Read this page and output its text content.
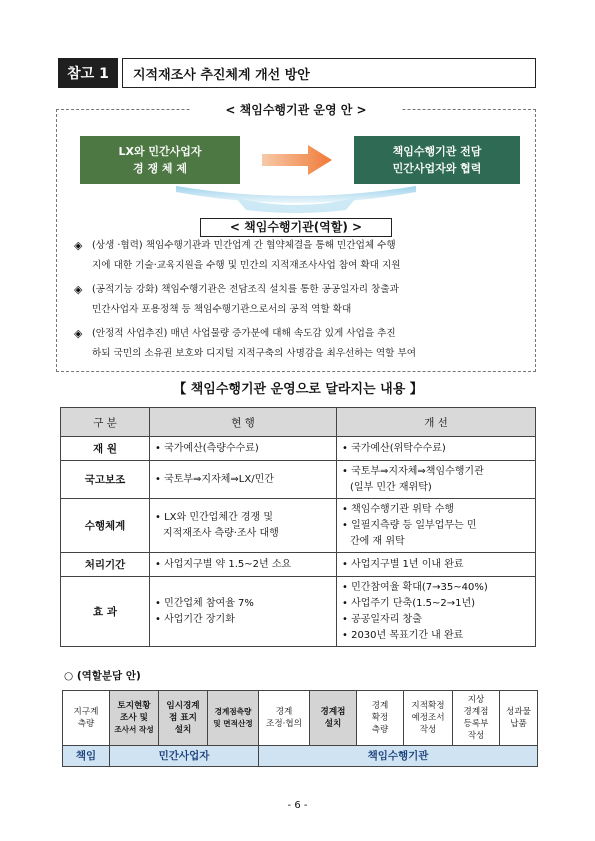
참고 1	지적재조사 추진체계 개선 방안
< 책임수행기관 운영 안 >
LX와 민간사업자
경 쟁 체 제
책임수행기관 전담
민간사업자와 협력
< 책임수행기관(역할) >
◈ (상생 ·협력) 책임수행기관과 민간업계 간 협약체결을 통해 민간업체 수행
지에 대한 기술·교육지원을 수행 및 민간의 지적재조사사업 참여 확대 지원
◈ (공적기능 강화) 책임수행기관은 전담조직 설치를 통한 공공일자리 창출과
민간사업자 포용정책 등 책임수행기관으로서의 공적 역할 확대
◈ (안정적 사업추진) 매년 사업물량 증가분에 대해 속도감 있게 사업을 추진
하되 국민의 소유권 보호와 디지털 지적구축의 사명감을 최우선하는 역할 부여
【 책임수행기관 운영으로 달라지는 내용 】
구 분	현 행	개 선
재 원	• 국가예산(측량수수료)	• 국가예산(위탁수수료)

국고보조	• 국토부⇒지자체⇒LX/민간	• 국토부⇒지자체⇒책임수행기관
(일부 민간 재위탁)

수행체계	• LX와 민간업체간 경쟁 및
지적재조사 측량·조사 대행	• 책임수행기관 위탁 수행
• 일필지측량 등 일부업무는 민
간에 재 위탁

처리기간	• 사업지구별 약 1.5~2년 소요	• 사업지구별 1년 이내 완료

효 과	• 민간업체 참여율 7%
• 사업기간 장기화	• 민간참여율 확대(7→35~40%)
• 사업주기 단축(1.5~2→1년)
• 공공일자리 창출
• 2030년 목표기간 내 완료
○ (역할분담 안)
지구계
측량	토지현황
조사 및
조사서 작성	임시경계
점 표지
설치	경계점측량
및 면적산정	경계
조정·협의	경계점
설치	경계
확정
측량	지적확정
예정조서
작성	지상
경계점
등록부
작성	성과물
납품

책임	민간사업자			책임수행기관					
- 6 -
